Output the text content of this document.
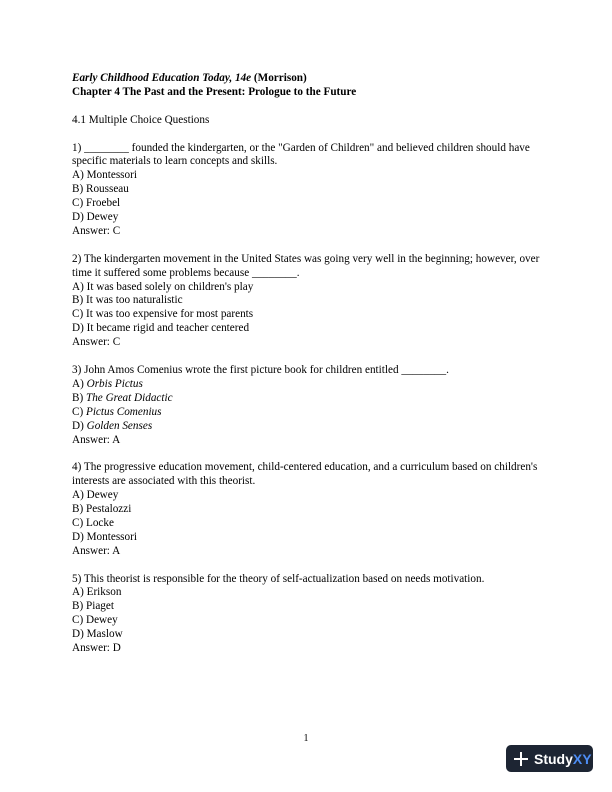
Early Childhood Education Today, 14e (Morrison)
Chapter 4 The Past and the Present: Prologue to the Future
4.1 Multiple Choice Questions
1) ________ founded the kindergarten, or the "Garden of Children" and believed children should have specific materials to learn concepts and skills.
A) Montessori
B) Rousseau
C) Froebel
D) Dewey
Answer: C
2) The kindergarten movement in the United States was going very well in the beginning; however, over time it suffered some problems because ________.
A) It was based solely on children's play
B) It was too naturalistic
C) It was too expensive for most parents
D) It became rigid and teacher centered
Answer: C
3) John Amos Comenius wrote the first picture book for children entitled ________.
A) Orbis Pictus
B) The Great Didactic
C) Pictus Comenius
D) Golden Senses
Answer: A
4) The progressive education movement, child-centered education, and a curriculum based on children's interests are associated with this theorist.
A) Dewey
B) Pestalozzi
C) Locke
D) Montessori
Answer: A
5) This theorist is responsible for the theory of self-actualization based on needs motivation.
A) Erikson
B) Piaget
C) Dewey
D) Maslow
Answer: D
1
Study XY
